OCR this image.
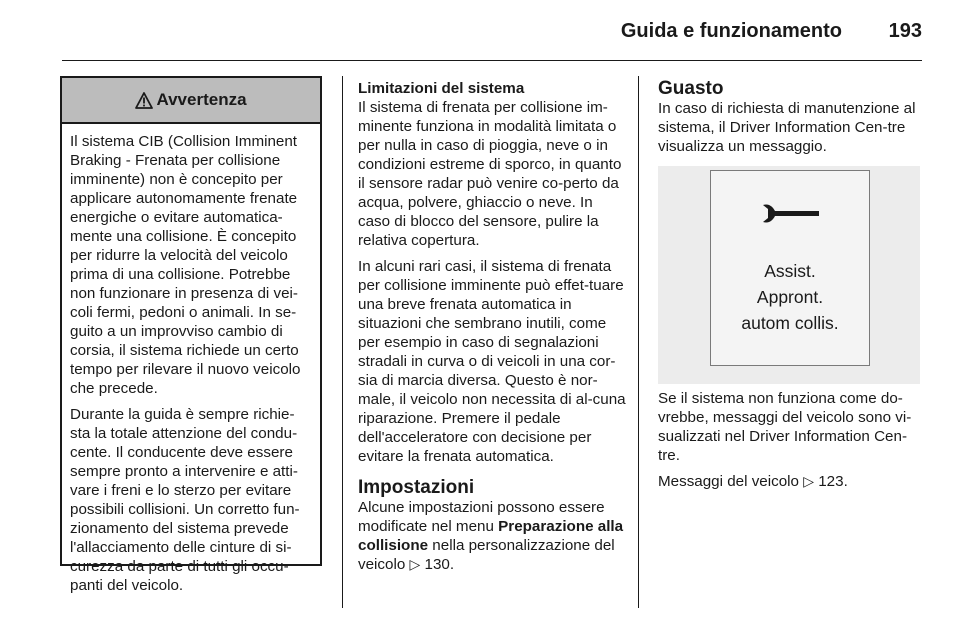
Guida e funzionamento 193
Avvertenza

Il sistema CIB (Collision Imminent Braking - Frenata per collisione imminente) non è concepito per applicare autonomamente frenate energiche o evitare automatica-mente una collisione. È concepito per ridurre la velocità del veicolo prima di una collisione. Potrebbe non funzionare in presenza di vei-coli fermi, pedoni o animali. In se-guito a un improvviso cambio di corsia, il sistema richiede un certo tempo per rilevare il nuovo veicolo che precede.

Durante la guida è sempre richie-sta la totale attenzione del condu-cente. Il conducente deve essere sempre pronto a intervenire e atti-vare i freni e lo sterzo per evitare possibili collisioni. Un corretto fun-zionamento del sistema prevede l'allacciamento delle cinture di si-curezza da parte di tutti gli occu-panti del veicolo.

Limitazioni del sistema

Il sistema di frenata per collisione im-minente funziona in modalità limitata o per nulla in caso di pioggia, neve o in condizioni estreme di sporco, in quanto il sensore radar può venire co-perto da acqua, polvere, ghiaccio o neve. In caso di blocco del sensore, pulire la relativa copertura.

In alcuni rari casi, il sistema di frenata per collisione imminente può effet-tuare una breve frenata automatica in situazioni che sembrano inutili, come per esempio in caso di segnalazioni stradali in curva o di veicoli in una cor-sia di marcia diversa. Questo è nor-male, il veicolo non necessita di al-cuna riparazione. Premere il pedale dell'acceleratore con decisione per evitare la frenata automatica.

Impostazioni

Alcune impostazioni possono essere modificate nel menu Preparazione alla collisione nella personalizzazione del veicolo ▷ 130.

Guasto

In caso di richiesta di manutenzione al sistema, il Driver Information Cen-tre visualizza un messaggio.

Assist.
Appront.
autom collis.

Se il sistema non funziona come do-vrebbe, messaggi del veicolo sono vi-sualizzati nel Driver Information Cen-tre.

Messaggi del veicolo ▷ 123.
